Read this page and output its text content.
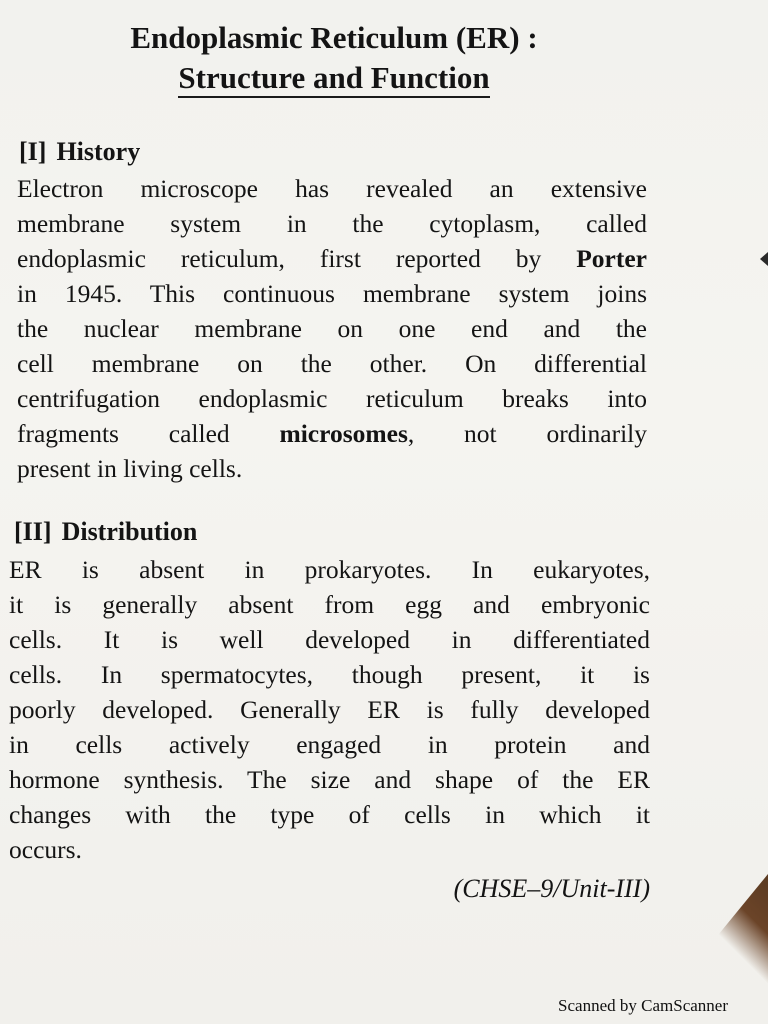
Endoplasmic Reticulum (ER) :
Structure and Function
[I] History
Electron microscope has revealed an extensive
membrane system in the cytoplasm, called
endoplasmic reticulum, first reported by Porter
in 1945. This continuous membrane system joins
the nuclear membrane on one end and the
cell membrane on the other. On differential
centrifugation endoplasmic reticulum breaks into
fragments called microsomes, not ordinarily
present in living cells.
[II] Distribution
ER is absent in prokaryotes. In eukaryotes,
it is generally absent from egg and embryonic
cells. It is well developed in differentiated
cells. In spermatocytes, though present, it is
poorly developed. Generally ER is fully developed
in cells actively engaged in protein and
hormone synthesis. The size and shape of the ER
changes with the type of cells in which it
occurs.
(CHSE–9/Unit-III)
Scanned by CamScanner
